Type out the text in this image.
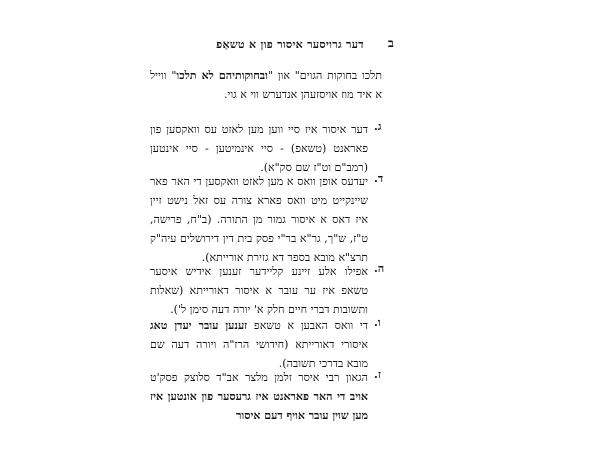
ב
דער גרויסער איסור פון א טשאַפ
תלכו בחוקות הגוים" און "ובחוקותיהם לא תלכו" ווייל א איד מוז אויסזעהן אנדערש ווי א גוי.
ג.
דער איסור איז סיי ווען מען לאזט עס וואקסען פון פאראנט (טשאפ) - סיי אינמיטען - סיי אינטען (רמב"ם וט"ז שם סק"א).
ד.
יעדעס אופן וואס א מען לאזט וואקסען די האר פאר שיינקייט מיט וואס פארא צורה עס זאל נישט זיין איז דאס א איסור גמור מן התורה. (ב"ח, פרישה, ט"ז, ש"ך, גר"א בר"י פסק בית דין דירושלים עיה"ק תרצ"א מובא בספר דא גזירת אורייתא).
ה.
אפילו אלע זיינע קליידער זענען אידיש איסער טשאפ איז ער עובר א איסור דאורייתא (שאלות ותשובות דברי חיים חלק א' יורה דעה סימן ל').
ו.
די וואס האבען א טשאפ זענען עובר יעדן טאג איסורי דאורייתא (חידושי הרז"ה ויורה דעה שם מובא בדרכי תשובה).
ז.
הגאון רבי איסר זלמן מלצר אב"ד סלוצק פסק'ט אויב די האר פאראנט איז גרעסער פון אונטען איז מען שוין עובר אויף דעם איסור
